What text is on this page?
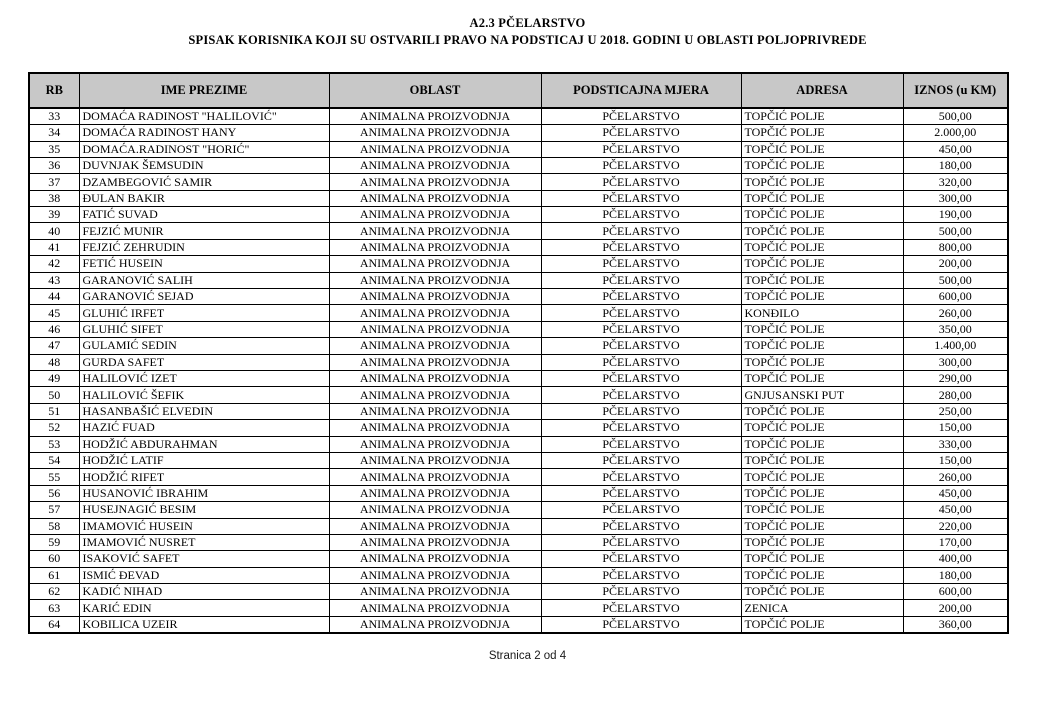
A2.3 PČELARSTVO
SPISAK KORISNIKA KOJI SU OSTVARILI PRAVO NA PODSTICAJ U 2018. GODINI U OBLASTI POLJOPRIVREDE
RB	IME PREZIME	OBLAST	PODSTICAJNA MJERA	ADRESA	IZNOS (u KM)
33	DOMAĆA RADINOST "HALILOVIĆ"	ANIMALNA PROIZVODNJA	PČELARSTVO	TOPČIĆ POLJE	500,00
34	DOMAĆA RADINOST HANY	ANIMALNA PROIZVODNJA	PČELARSTVO	TOPČIĆ POLJE	2.000,00
35	DOMAĆA.RADINOST "HORIĆ"	ANIMALNA PROIZVODNJA	PČELARSTVO	TOPČIĆ POLJE	450,00
36	DUVNJAK ŠEMSUDIN	ANIMALNA PROIZVODNJA	PČELARSTVO	TOPČIĆ POLJE	180,00
37	DZAMBEGOVIĆ SAMIR	ANIMALNA PROIZVODNJA	PČELARSTVO	TOPČIĆ POLJE	320,00
38	ĐULAN BAKIR	ANIMALNA PROIZVODNJA	PČELARSTVO	TOPČIĆ POLJE	300,00
39	FATIĆ SUVAD	ANIMALNA PROIZVODNJA	PČELARSTVO	TOPČIĆ POLJE	190,00
40	FEJZIĆ MUNIR	ANIMALNA PROIZVODNJA	PČELARSTVO	TOPČIĆ POLJE	500,00
41	FEJZIĆ ZEHRUDIN	ANIMALNA PROIZVODNJA	PČELARSTVO	TOPČIĆ POLJE	800,00
42	FETIĆ HUSEIN	ANIMALNA PROIZVODNJA	PČELARSTVO	TOPČIĆ POLJE	200,00
43	GARANOVIĆ SALIH	ANIMALNA PROIZVODNJA	PČELARSTVO	TOPČIĆ POLJE	500,00
44	GARANOVIĆ SEJAD	ANIMALNA PROIZVODNJA	PČELARSTVO	TOPČIĆ POLJE	600,00
45	GLUHIĆ IRFET	ANIMALNA PROIZVODNJA	PČELARSTVO	KONĐILO	260,00
46	GLUHIĆ SIFET	ANIMALNA PROIZVODNJA	PČELARSTVO	TOPČIĆ POLJE	350,00
47	GULAMIĆ SEDIN	ANIMALNA PROIZVODNJA	PČELARSTVO	TOPČIĆ POLJE	1.400,00
48	GURDA SAFET	ANIMALNA PROIZVODNJA	PČELARSTVO	TOPČIĆ POLJE	300,00
49	HALILOVIĆ IZET	ANIMALNA PROIZVODNJA	PČELARSTVO	TOPČIĆ POLJE	290,00
50	HALILOVIĆ ŠEFIK	ANIMALNA PROIZVODNJA	PČELARSTVO	GNJUSANSKI PUT	280,00
51	HASANBAŠIĆ ELVEDIN	ANIMALNA PROIZVODNJA	PČELARSTVO	TOPČIĆ POLJE	250,00
52	HAZIĆ FUAD	ANIMALNA PROIZVODNJA	PČELARSTVO	TOPČIĆ POLJE	150,00
53	HODŽIĆ ABDURAHMAN	ANIMALNA PROIZVODNJA	PČELARSTVO	TOPČIĆ POLJE	330,00
54	HODŽIĆ LATIF	ANIMALNA PROIZVODNJA	PČELARSTVO	TOPČIĆ POLJE	150,00
55	HODŽIĆ RIFET	ANIMALNA PROIZVODNJA	PČELARSTVO	TOPČIĆ POLJE	260,00
56	HUSANOVIĆ IBRAHIM	ANIMALNA PROIZVODNJA	PČELARSTVO	TOPČIĆ POLJE	450,00
57	HUSEJNAGIĆ BESIM	ANIMALNA PROIZVODNJA	PČELARSTVO	TOPČIĆ POLJE	450,00
58	IMAMOVIĆ HUSEIN	ANIMALNA PROIZVODNJA	PČELARSTVO	TOPČIĆ POLJE	220,00
59	IMAMOVIĆ NUSRET	ANIMALNA PROIZVODNJA	PČELARSTVO	TOPČIĆ POLJE	170,00
60	ISAKOVIĆ SAFET	ANIMALNA PROIZVODNJA	PČELARSTVO	TOPČIĆ POLJE	400,00
61	ISMIĆ ĐEVAD	ANIMALNA PROIZVODNJA	PČELARSTVO	TOPČIĆ POLJE	180,00
62	KADIĆ NIHAD	ANIMALNA PROIZVODNJA	PČELARSTVO	TOPČIĆ POLJE	600,00
63	KARIĆ EDIN	ANIMALNA PROIZVODNJA	PČELARSTVO	ZENICA	200,00
64	KOBILICA UZEIR	ANIMALNA PROIZVODNJA	PČELARSTVO	TOPČIĆ POLJE	360,00
Stranica 2 od 4
